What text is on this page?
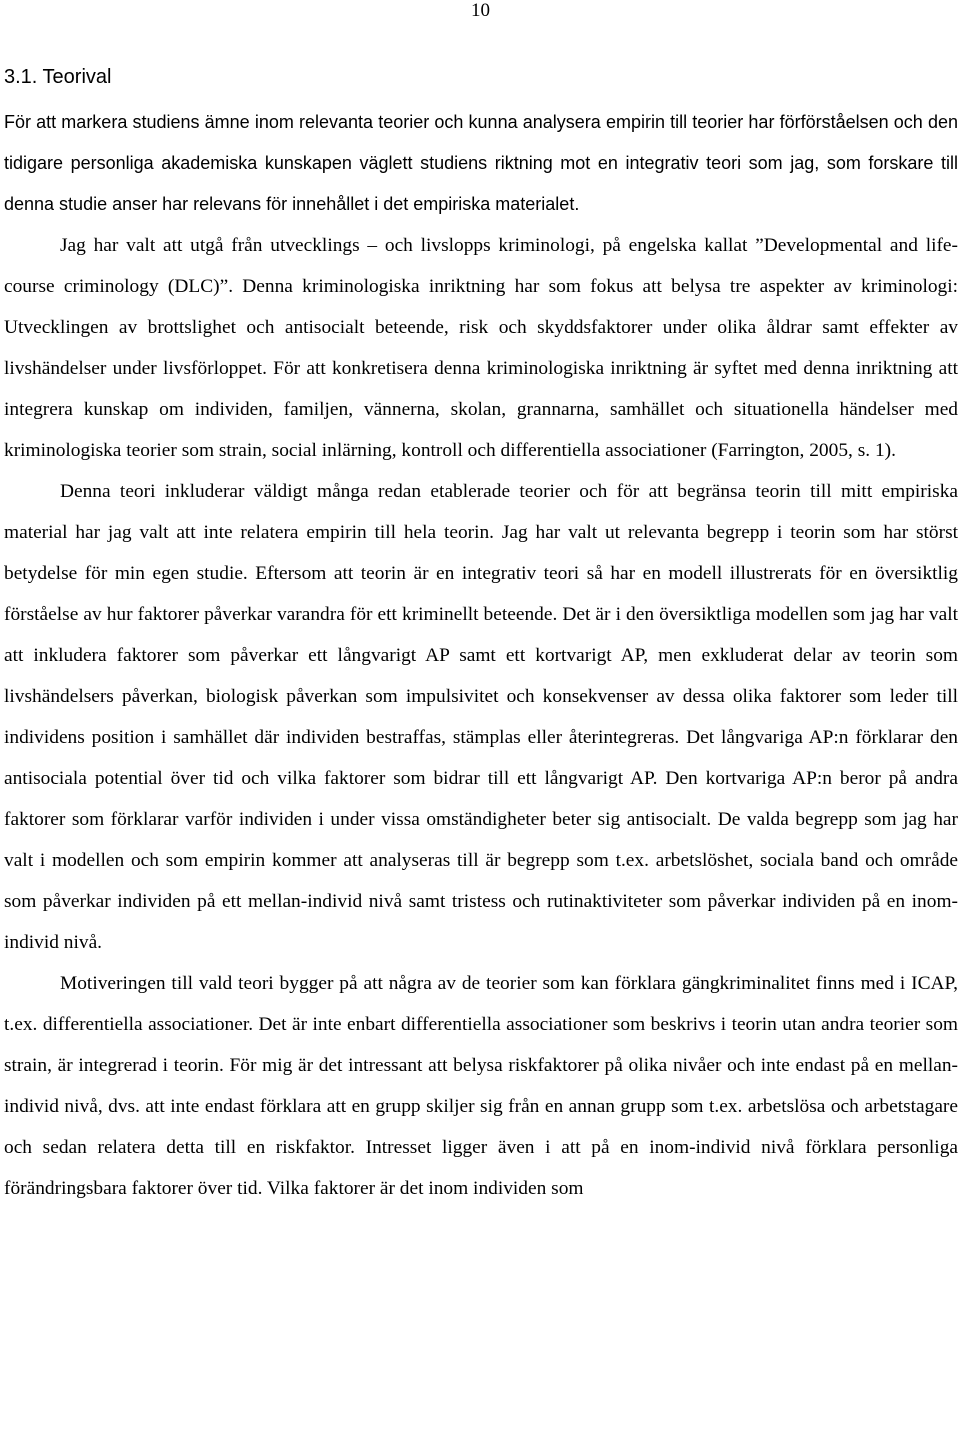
10
3.1. Teorival

För att markera studiens ämne inom relevanta teorier och kunna analysera empirin till teorier har förförståelsen och den tidigare personliga akademiska kunskapen väglett studiens riktning mot en integrativ teori som jag, som forskare till denna studie anser har relevans för innehållet i det empiriska materialet.

Jag har valt att utgå från utvecklings – och livslopps kriminologi, på engelska kallat ”Developmental and life-course criminology (DLC)”. Denna kriminologiska inriktning har som fokus att belysa tre aspekter av kriminologi: Utvecklingen av brottslighet och antisocialt beteende, risk och skyddsfaktorer under olika åldrar samt effekter av livshändelser under livsförloppet. För att konkretisera denna kriminologiska inriktning är syftet med denna inriktning att integrera kunskap om individen, familjen, vännerna, skolan, grannarna, samhället och situationella händelser med kriminologiska teorier som strain, social inlärning, kontroll och differentiella associationer (Farrington, 2005, s. 1).

Denna teori inkluderar väldigt många redan etablerade teorier och för att begränsa teorin till mitt empiriska material har jag valt att inte relatera empirin till hela teorin. Jag har valt ut relevanta begrepp i teorin som har störst betydelse för min egen studie. Eftersom att teorin är en integrativ teori så har en modell illustrerats för en översiktlig förståelse av hur faktorer påverkar varandra för ett kriminellt beteende. Det är i den översiktliga modellen som jag har valt att inkludera faktorer som påverkar ett långvarigt AP samt ett kortvarigt AP, men exkluderat delar av teorin som livshändelsers påverkan, biologisk påverkan som impulsivitet och konsekvenser av dessa olika faktorer som leder till individens position i samhället där individen bestraffas, stämplas eller återintegreras. Det långvariga AP:n förklarar den antisociala potential över tid och vilka faktorer som bidrar till ett långvarigt AP. Den kortvariga AP:n beror på andra faktorer som förklarar varför individen i under vissa omständigheter beter sig antisocialt. De valda begrepp som jag har valt i modellen och som empirin kommer att analyseras till är begrepp som t.ex. arbetslöshet, sociala band och område som påverkar individen på ett mellan-individ nivå samt tristess och rutinaktiviteter som påverkar individen på en inom-individ nivå.

Motiveringen till vald teori bygger på att några av de teorier som kan förklara gängkriminalitet finns med i ICAP, t.ex. differentiella associationer. Det är inte enbart differentiella associationer som beskrivs i teorin utan andra teorier som strain, är integrerad i teorin. För mig är det intressant att belysa riskfaktorer på olika nivåer och inte endast på en mellan-individ nivå, dvs. att inte endast förklara att en grupp skiljer sig från en annan grupp som t.ex. arbetslösa och arbetstagare och sedan relatera detta till en riskfaktor. Intresset ligger även i att på en inom-individ nivå förklara personliga förändringsbara faktorer över tid. Vilka faktorer är det inom individen som
